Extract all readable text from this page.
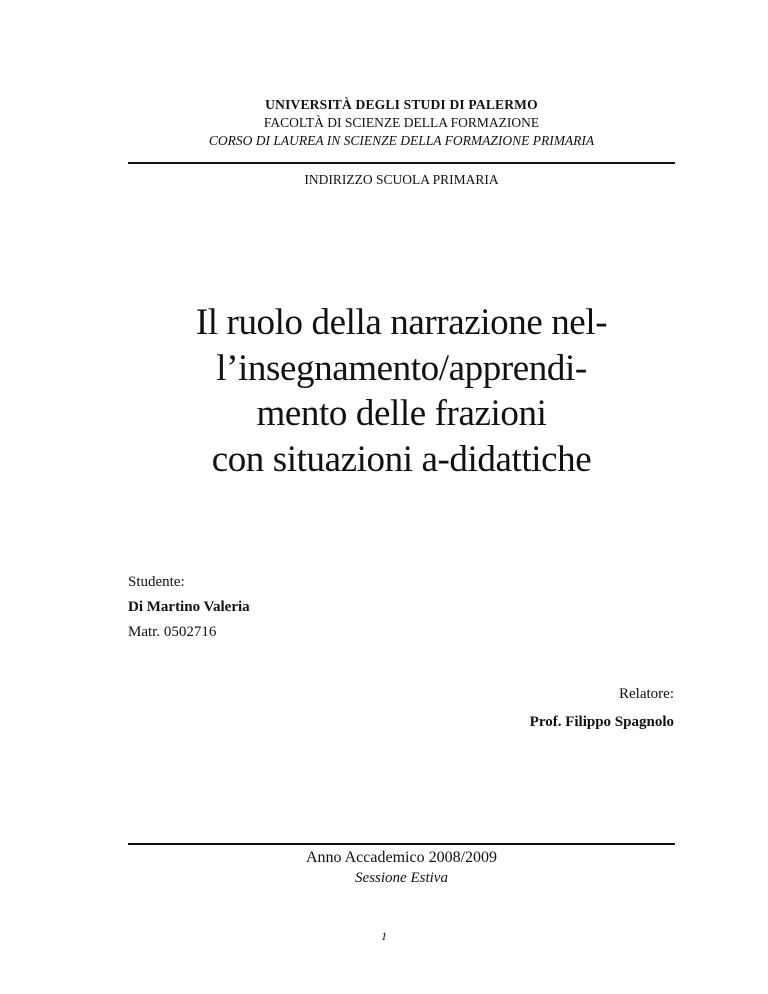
UNIVERSITÀ DEGLI STUDI DI PALERMO
FACOLTÀ DI SCIENZE DELLA FORMAZIONE
CORSO DI LAUREA IN SCIENZE DELLA FORMAZIONE PRIMARIA
INDIRIZZO SCUOLA PRIMARIA
Il ruolo della narrazione nel-
l’insegnamento/apprendi-
mento delle frazioni
con situazioni a-didattiche
Studente:
Di Martino Valeria
Matr. 0502716
Relatore:
Prof. Filippo Spagnolo
Anno Accademico 2008/2009
Sessione Estiva
1
